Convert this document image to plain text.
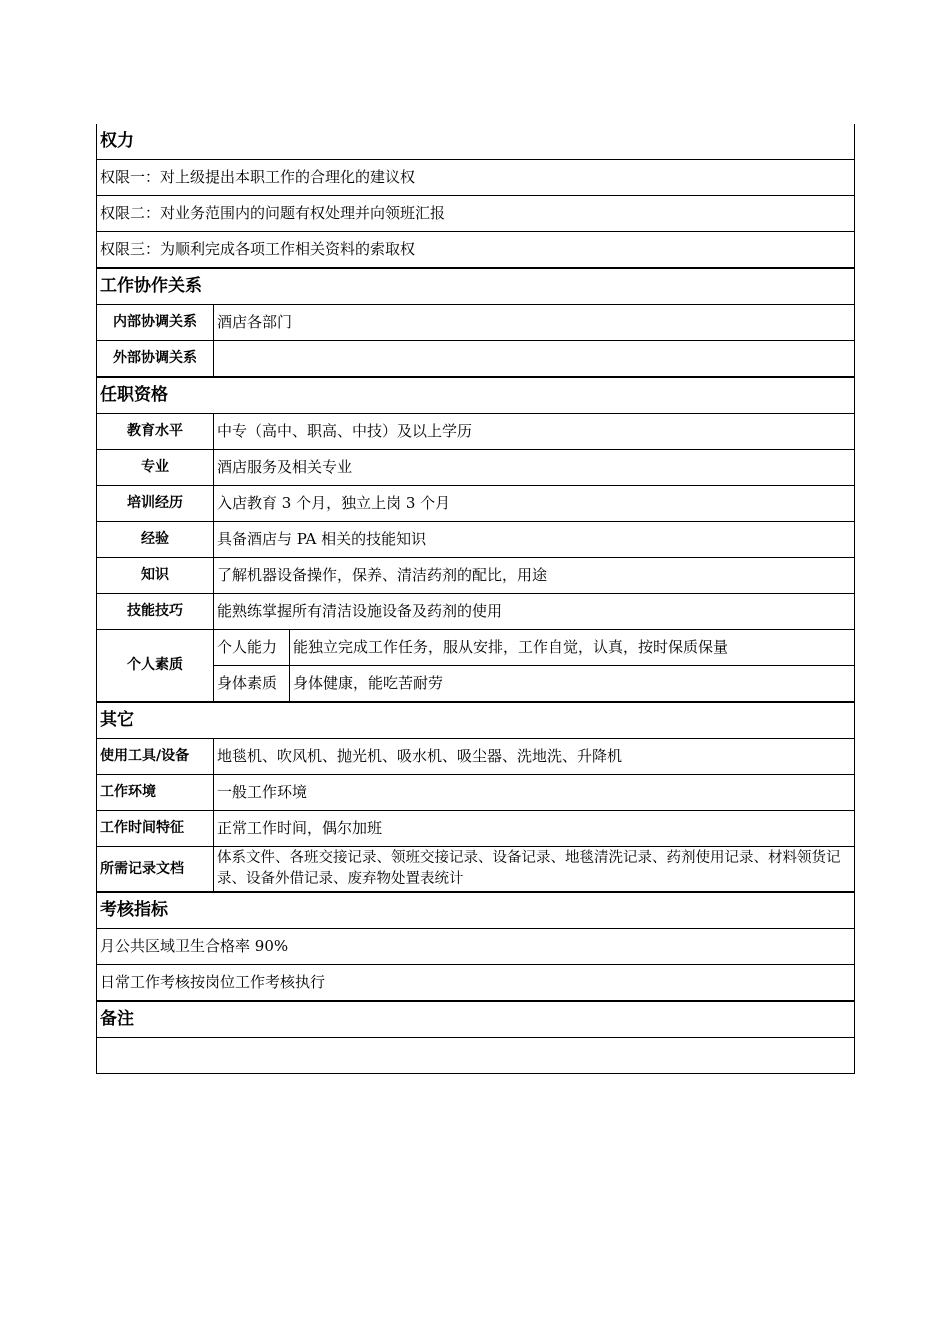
权力		
权限一：对上级提出本职工作的合理化的建议权		
权限二：对业务范围内的问题有权处理并向领班汇报		
权限三：为顺利完成各项工作相关资料的索取权		
工作协作关系		
内部协调关系	酒店各部门	
外部协调关系		
任职资格		
教育水平	中专（高中、职高、中技）及以上学历	
专业	酒店服务及相关专业	
培训经历	入店教育 3 个月，独立上岗 3 个月	
经验	具备酒店与 PA 相关的技能知识	
知识	了解机器设备操作，保养、清洁药剂的配比，用途	
技能技巧	能熟练掌握所有清洁设施设备及药剂的使用	
个人素质	个人能力	能独立完成工作任务，服从安排，工作自觉，认真，按时保质保量
	身体素质	身体健康，能吃苦耐劳
其它		
使用工具/设备	地毯机、吹风机、抛光机、吸水机、吸尘器、洗地洗、升降机	
工作环境	一般工作环境	
工作时间特征	正常工作时间，偶尔加班	
所需记录文档	体系文件、各班交接记录、领班交接记录、设备记录、地毯清洗记录、药剂使用记录、材料领货记录、设备外借记录、废弃物处置表统计	
考核指标		
月公共区域卫生合格率 90%		
日常工作考核按岗位工作考核执行		
备注		
